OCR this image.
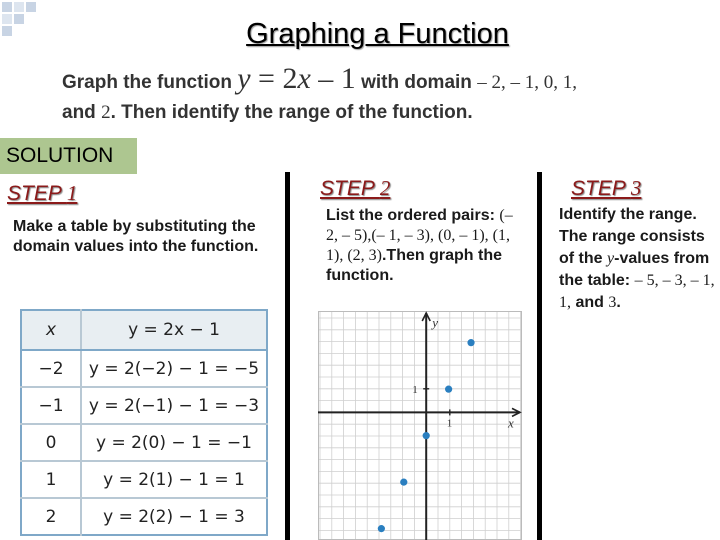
Graphing a Function
Graph the function y = 2x – 1 with domain – 2, – 1, 0, 1,
and 2. Then identify the range of the function.
SOLUTION
STEP 1
Make a table by substituting the domain values into the function.
x	y = 2x − 1
−2	y = 2(−2) − 1 = −5
−1	y = 2(−1) − 1 = −3
0	y = 2(0) − 1 = −1
1	y = 2(1) − 1 = 1
2	y = 2(2) − 1 = 3
STEP 2
List the ordered pairs: (– 2, – 5),(– 1, – 3), (0, – 1), (1, 1), (2, 3).Then graph the function.
y
x
1
1
STEP 3
Identify the range. The range consists of the y-values from the table: – 5, – 3, – 1, 1, and 3.
